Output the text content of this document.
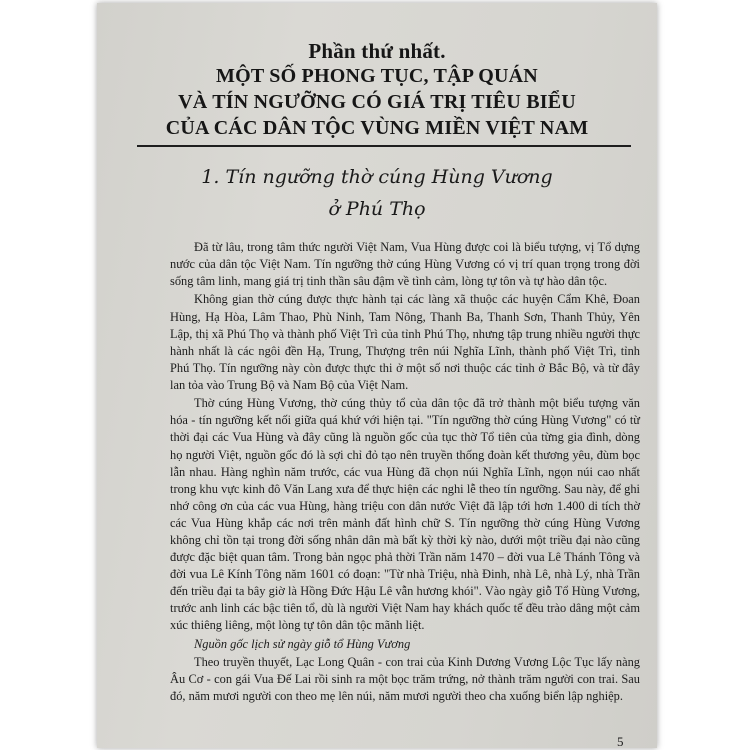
Phần thứ nhất.
MỘT SỐ PHONG TỤC, TẬP QUÁN
VÀ TÍN NGƯỠNG CÓ GIÁ TRỊ TIÊU BIỂU
CỦA CÁC DÂN TỘC VÙNG MIỀN VIỆT NAM
1. Tín ngưỡng thờ cúng Hùng Vương
ở Phú Thọ

Đã từ lâu, trong tâm thức người Việt Nam, Vua Hùng được coi là biểu tượng, vị Tổ dựng nước của dân tộc Việt Nam. Tín ngưỡng thờ cúng Hùng Vương có vị trí quan trọng trong đời sống tâm linh, mang giá trị tinh thần sâu đậm về tình cảm, lòng tự tôn và tự hào dân tộc.

Không gian thờ cúng được thực hành tại các làng xã thuộc các huyện Cẩm Khê, Đoan Hùng, Hạ Hòa, Lâm Thao, Phù Ninh, Tam Nông, Thanh Ba, Thanh Sơn, Thanh Thủy, Yên Lập, thị xã Phú Thọ và thành phố Việt Trì của tỉnh Phú Thọ, nhưng tập trung nhiều người thực hành nhất là các ngôi đền Hạ, Trung, Thượng trên núi Nghĩa Lĩnh, thành phố Việt Trì, tỉnh Phú Thọ. Tín ngưỡng này còn được thực thi ở một số nơi thuộc các tỉnh ở Bắc Bộ, và từ đây lan tỏa vào Trung Bộ và Nam Bộ của Việt Nam.

Thờ cúng Hùng Vương, thờ cúng thủy tổ của dân tộc đã trở thành một biểu tượng văn hóa - tín ngưỡng kết nối giữa quá khứ với hiện tại. "Tín ngưỡng thờ cúng Hùng Vương" có từ thời đại các Vua Hùng và đây cũng là nguồn gốc của tục thờ Tổ tiên của từng gia đình, dòng họ người Việt, nguồn gốc đó là sợi chỉ đỏ tạo nên truyền thống đoàn kết thương yêu, đùm bọc lẫn nhau. Hàng nghìn năm trước, các vua Hùng đã chọn núi Nghĩa Lĩnh, ngọn núi cao nhất trong khu vực kinh đô Văn Lang xưa để thực hiện các nghi lễ theo tín ngưỡng. Sau này, để ghi nhớ công ơn của các vua Hùng, hàng triệu con dân nước Việt đã lập tới hơn 1.400 di tích thờ các Vua Hùng khắp các nơi trên mảnh đất hình chữ S. Tín ngưỡng thờ cúng Hùng Vương không chỉ tồn tại trong đời sống nhân dân mà bất kỳ thời kỳ nào, dưới một triều đại nào cũng được đặc biệt quan tâm. Trong bản ngọc phả thời Trần năm 1470 – đời vua Lê Thánh Tông và đời vua Lê Kính Tông năm 1601 có đoạn: "Từ nhà Triệu, nhà Đinh, nhà Lê, nhà Lý, nhà Trần đến triều đại ta bây giờ là Hồng Đức Hậu Lê vẫn hương khói". Vào ngày giỗ Tổ Hùng Vương, trước anh linh các bậc tiên tổ, dù là người Việt Nam hay khách quốc tế đều trào dâng một cảm xúc thiêng liêng, một lòng tự tôn dân tộc mãnh liệt.

Nguồn gốc lịch sử ngày giỗ tổ Hùng Vương

Theo truyền thuyết, Lạc Long Quân - con trai của Kinh Dương Vương Lộc Tục lấy nàng Âu Cơ - con gái Vua Đế Lai rồi sinh ra một bọc trăm trứng, nở thành trăm người con trai. Sau đó, năm mươi người con theo mẹ lên núi, năm mươi người theo cha xuống biển lập nghiệp.

5
